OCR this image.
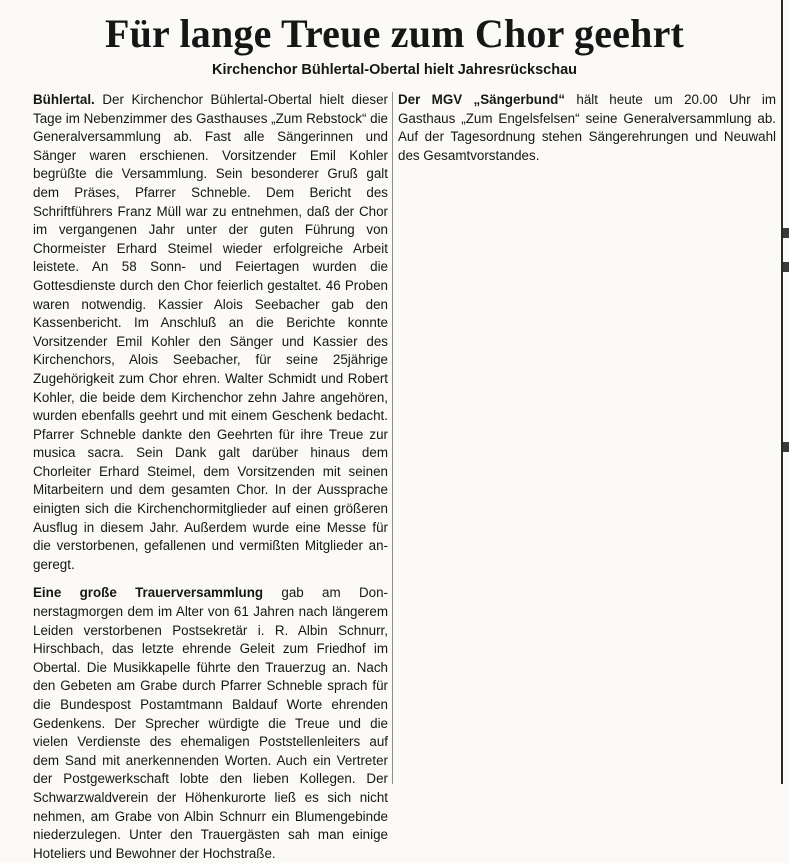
Für lange Treue zum Chor geehrt
Kirchenchor Bühlertal-Obertal hielt Jahresrückschau

Bühlertal. Der Kirchenchor Bühlertal-Obertal hielt dieser Tage im Nebenzimmer des Gasthauses „Zum Rebstock“ die Generalversammlung ab. Fast alle Sängerinnen und Sänger waren erschienen. Vorsitzender Emil Kohler begrüßte die Versammlung. Sein besonderer Gruß galt dem Präses, Pfarrer Schneble. Dem Bericht des Schriftführers Franz Müll war zu entnehmen, daß der Chor im vergangenen Jahr unter der guten Führung von Chormeister Erhard Steimel wieder erfolgreiche Arbeit leistete. An 58 Sonn- und Feiertagen wurden die Gottesdienste durch den Chor feierlich gestaltet. 46 Proben waren notwendig. Kassier Alois Seebacher gab den Kassenbericht. Im Anschluß an die Berichte konnte Vorsitzender Emil Kohler den Sänger und Kassier des Kirchenchors, Alois Seebacher, für seine 25jährige Zugehörigkeit zum Chor ehren. Walter Schmidt und Robert Kohler, die beide dem Kirchenchor zehn Jahre angehören, wurden ebenfalls geehrt und mit einem Geschenk bedacht. Pfarrer Schneble dankte den Geehrten für ihre Treue zur musica sacra. Sein Dank galt darüber hinaus dem Chorleiter Erhard Steimel, dem Vorsitzenden mit seinen Mitarbeitern und dem gesamten Chor. In der Aussprache einigten sich die Kirchenchormitglieder auf einen größeren Ausflug in diesem Jahr. Außerdem wurde eine Messe für die verstorbenen, gefallenen und vermißten Mitglieder angeregt.

Eine große Trauerversammlung gab am Donnerstagmorgen dem im Alter von 61 Jahren nach längerem Leiden verstorbenen Postsekretär i. R. Albin Schnurr, Hirschbach, das letzte ehrende Geleit zum Friedhof im Obertal. Die Musikkapelle führte den Trauerzug an. Nach den Gebeten am Grabe durch Pfarrer Schneble sprach für die Bundespost Postamtmann Baldauf Worte ehrenden Gedenkens. Der Sprecher würdigte die Treue und die vielen Verdienste des ehemaligen Poststellenleiters auf dem Sand mit anerkennenden Worten. Auch ein Vertreter der Postgewerkschaft lobte den lieben Kollegen. Der Schwarzwaldverein der Höhenkurorte ließ es sich nicht nehmen, am Grabe von Albin Schnurr ein Blumengebinde niederzulegen. Unter den Trauergästen sah man einige Hoteliers und Bewohner der Hochstraße.

Der MGV „Sängerbund“ hält heute um 20.00 Uhr im Gasthaus „Zum Engelsfelsen“ seine Generalversammlung ab. Auf der Tagesordnung stehen Sängerehrungen und Neuwahl des Gesamtvorstandes.
